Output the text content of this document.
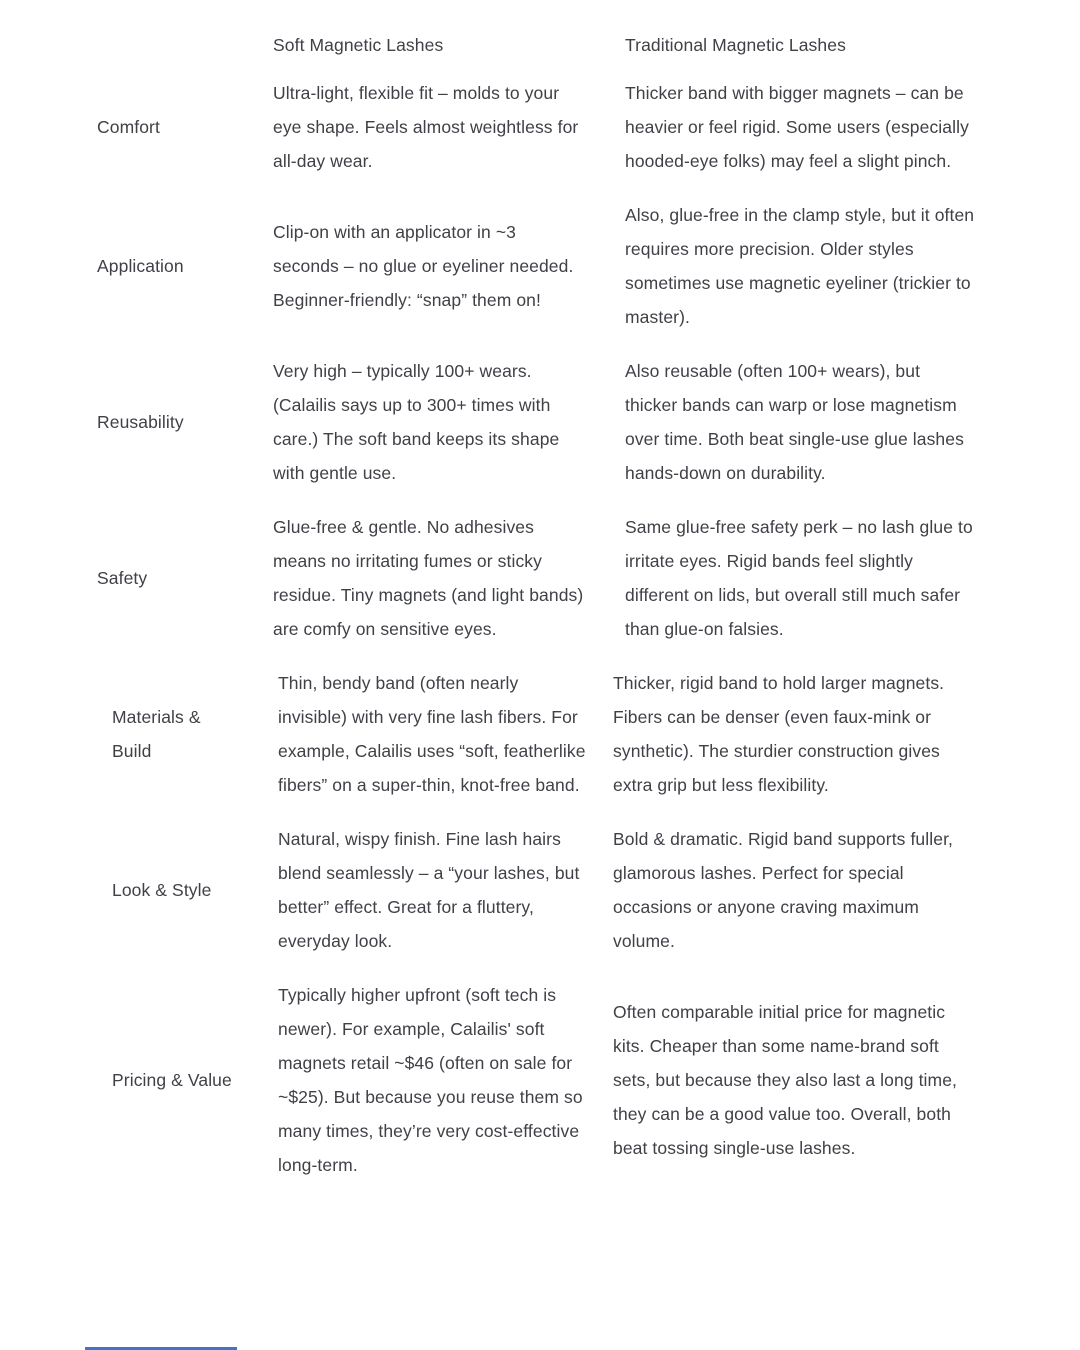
Soft Magnetic Lashes	Traditional Magnetic Lashes
Comfort
Ultra-light, flexible fit – molds to your eye shape. Feels almost weightless for all-day wear.
Thicker band with bigger magnets – can be heavier or feel rigid. Some users (especially hooded-eye folks) may feel a slight pinch.
Application
Clip-on with an applicator in ~3 seconds – no glue or eyeliner needed. Beginner-friendly: “snap” them on!
Also, glue-free in the clamp style, but it often requires more precision. Older styles sometimes use magnetic eyeliner (trickier to master).
Reusability
Very high – typically 100+ wears. (Calailis says up to 300+ times with care.) The soft band keeps its shape with gentle use.
Also reusable (often 100+ wears), but thicker bands can warp or lose magnetism over time. Both beat single-use glue lashes hands-down on durability.
Safety
Glue-free & gentle. No adhesives means no irritating fumes or sticky residue. Tiny magnets (and light bands) are comfy on sensitive eyes.
Same glue-free safety perk – no lash glue to irritate eyes. Rigid bands feel slightly different on lids, but overall still much safer than glue-on falsies.
Materials & Build
Thin, bendy band (often nearly invisible) with very fine lash fibers. For example, Calailis uses “soft, featherlike fibers” on a super-thin, knot-free band.
Thicker, rigid band to hold larger magnets. Fibers can be denser (even faux-mink or synthetic). The sturdier construction gives extra grip but less flexibility.
Look & Style
Natural, wispy finish. Fine lash hairs blend seamlessly – a “your lashes, but better” effect. Great for a fluttery, everyday look.
Bold & dramatic. Rigid band supports fuller, glamorous lashes. Perfect for special occasions or anyone craving maximum volume.
Pricing & Value
Typically higher upfront (soft tech is newer). For example, Calailis' soft magnets retail ~$46 (often on sale for ~$25). But because you reuse them so many times, they’re very cost-effective long-term.
Often comparable initial price for magnetic kits. Cheaper than some name-brand soft sets, but because they also last a long time, they can be a good value too. Overall, both beat tossing single-use lashes.
